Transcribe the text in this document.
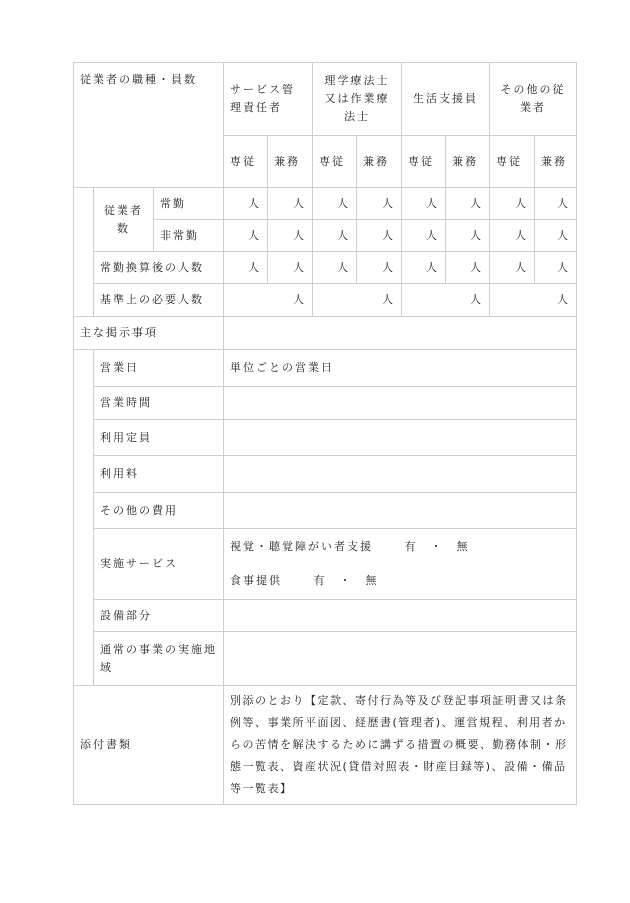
従業者の職種・員数			サービス管理責任者		理学療法士又は作業療法士		生活支援員		その他の従業者	
			専従	兼務	専従	兼務	専従	兼務	専従	兼務
	従業者数	常勤	人	人	人	人	人	人	人	人
		非常勤	人	人	人	人	人	人	人	人
	常勤換算後の人数		人	人	人	人	人	人	人	人
	基準上の必要人数		人		人		人		人	
主な掲示事項										
	営業日		単位ごとの営業日							
	営業時間									
	利用定員									
	利用料									
	その他の費用									
	実施サービス		視覚・聴覚障がい者支援　　 有　・　無
食事提供　　 有　・　無							

	設備部分									
	通常の事業の実施地域									
添付書類			別添のとおり【定款、寄付行為等及び登記事項証明書又は条例等、事業所平面図、経歴書(管理者)、運営規程、利用者からの苦情を解決するために講ずる措置の概要、勤務体制・形態一覧表、資産状況(貸借対照表・財産目録等)、設備・備品等一覧表】							
